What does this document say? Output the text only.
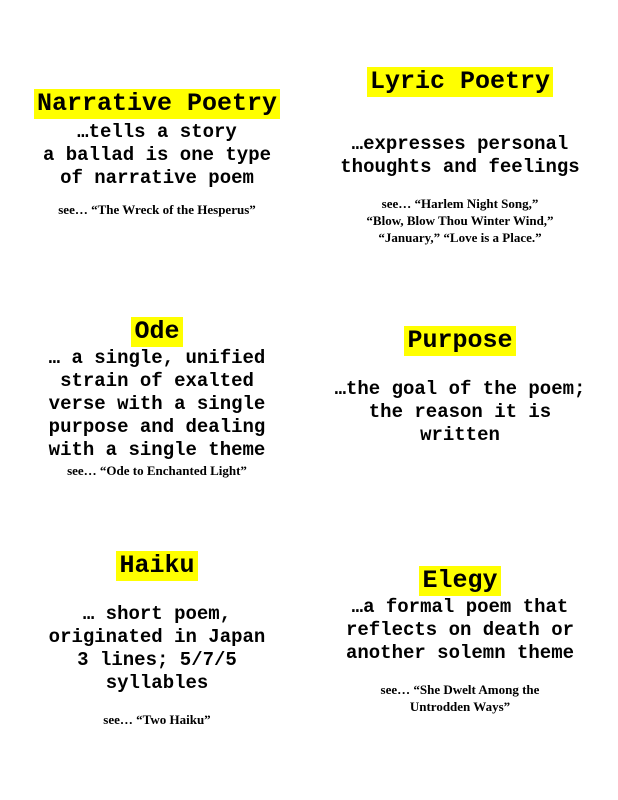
Narrative Poetry
…tells a story
a ballad is one type
of narrative poem
see… “The Wreck of the Hesperus”
Lyric Poetry
…expresses personal
thoughts and feelings
see… “Harlem Night Song,”
“Blow, Blow Thou Winter Wind,”
“January,” “Love is a Place.”
Ode
… a single, unified
strain of exalted
verse with a single
purpose and dealing
with a single theme
see… “Ode to Enchanted Light”
Purpose
…the goal of the poem;
the reason it is
written
Haiku
… short poem,
originated in Japan
3 lines; 5/7/5
syllables
see… “Two Haiku”
Elegy
…a formal poem that
reflects on death or
another solemn theme
see… “She Dwelt Among the
Untrodden Ways”
